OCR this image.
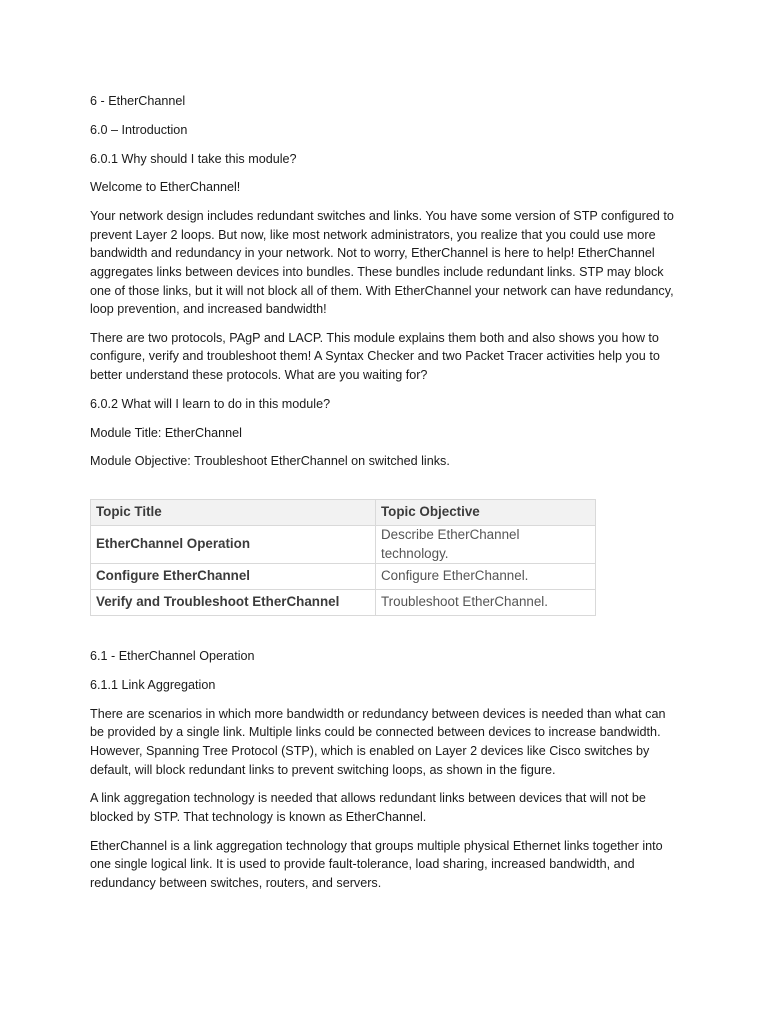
6 - EtherChannel

6.0 – Introduction

6.0.1 Why should I take this module?

Welcome to EtherChannel!

Your network design includes redundant switches and links. You have some version of STP configured to prevent Layer 2 loops. But now, like most network administrators, you realize that you could use more bandwidth and redundancy in your network. Not to worry, EtherChannel is here to help! EtherChannel aggregates links between devices into bundles. These bundles include redundant links. STP may block one of those links, but it will not block all of them. With EtherChannel your network can have redundancy, loop prevention, and increased bandwidth!

There are two protocols, PAgP and LACP. This module explains them both and also shows you how to configure, verify and troubleshoot them! A Syntax Checker and two Packet Tracer activities help you to better understand these protocols. What are you waiting for?

6.0.2 What will I learn to do in this module?

Module Title: EtherChannel

Module Objective: Troubleshoot EtherChannel on switched links.

Topic Title	Topic Objective
EtherChannel Operation	Describe EtherChannel technology.
Configure EtherChannel	Configure EtherChannel.
Verify and Troubleshoot EtherChannel	Troubleshoot EtherChannel.

6.1 - EtherChannel Operation

6.1.1 Link Aggregation

There are scenarios in which more bandwidth or redundancy between devices is needed than what can be provided by a single link. Multiple links could be connected between devices to increase bandwidth. However, Spanning Tree Protocol (STP), which is enabled on Layer 2 devices like Cisco switches by default, will block redundant links to prevent switching loops, as shown in the figure.

A link aggregation technology is needed that allows redundant links between devices that will not be blocked by STP. That technology is known as EtherChannel.

EtherChannel is a link aggregation technology that groups multiple physical Ethernet links together into one single logical link. It is used to provide fault-tolerance, load sharing, increased bandwidth, and redundancy between switches, routers, and servers.
